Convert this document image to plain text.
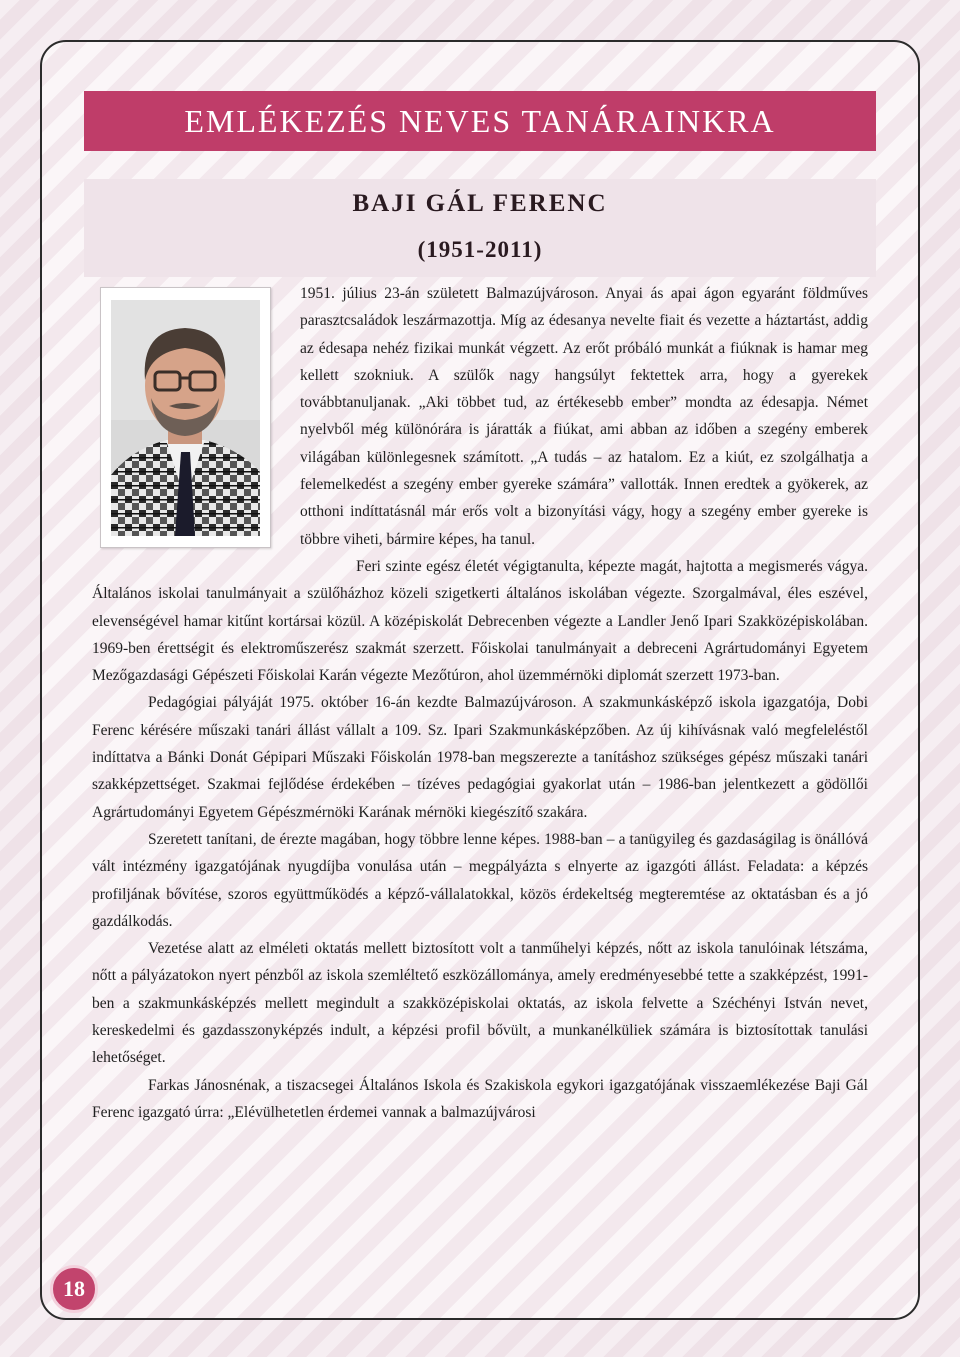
EMLÉKEZÉS NEVES TANÁRAINKRA
BAJI GÁL FERENC
(1951-2011)

1951. július 23-án született Balmazújvároson. Anyai ás apai ágon egyaránt földműves parasztcsaládok leszármazottja. Míg az édesanya nevelte fiait és vezette a háztartást, addig az édesapa nehéz fizikai munkát végzett. Az erőt próbáló munkát a fiúknak is hamar meg kellett szokniuk. A szülők nagy hangsúlyt fektettek arra, hogy a gyerekek továbbtanuljanak. „Aki többet tud, az értékesebb ember” mondta az édesapja. Német nyelvből még különórára is járatták a fiúkat, ami abban az időben a szegény emberek világában különlegesnek számított. „A tudás – az hatalom. Ez a kiút, ez szolgálhatja a felemelkedést a szegény ember gyereke számára” vallották. Innen eredtek a gyökerek, az otthoni indíttatásnál már erős volt a bizonyítási vágy, hogy a szegény ember gyereke is többre viheti, bármire képes, ha tanul.

Feri szinte egész életét végigtanulta, képezte magát, hajtotta a megismerés vágya. Általános iskolai tanulmányait a szülőházhoz közeli szigetkerti általános iskolában végezte. Szorgalmával, éles eszével, elevenségével hamar kitűnt kortársai közül. A középiskolát Debrecenben végezte a Landler Jenő Ipari Szakközépiskolában. 1969-ben érettségit és elektroműszerész szakmát szerzett. Főiskolai tanulmányait a debreceni Agrártudományi Egyetem Mezőgazdasági Gépészeti Főiskolai Karán végezte Mezőtúron, ahol üzemmérnöki diplomát szerzett 1973-ban.

Pedagógiai pályáját 1975. október 16-án kezdte Balmazújvároson. A szakmunkásképző iskola igazgatója, Dobi Ferenc kérésére műszaki tanári állást vállalt a 109. Sz. Ipari Szakmunkásképzőben. Az új kihívásnak való megfeleléstől indíttatva a Bánki Donát Gépipari Műszaki Főiskolán 1978-ban megszerezte a tanításhoz szükséges gépész műszaki tanári szakképzettséget. Szakmai fejlődése érdekében – tízéves pedagógiai gyakorlat után – 1986-ban jelentkezett a gödöllői Agrártudományi Egyetem Gépészmérnöki Karának mérnöki kiegészítő szakára.

Szeretett tanítani, de érezte magában, hogy többre lenne képes. 1988-ban – a tanügyileg és gazdaságilag is önállóvá vált intézmény igazgatójának nyugdíjba vonulása után – megpályázta s elnyerte az igazgóti állást. Feladata: a képzés profiljának bővítése, szoros együttműködés a képző-vállalatokkal, közös érdekeltség megteremtése az oktatásban és a jó gazdálkodás.

Vezetése alatt az elméleti oktatás mellett biztosított volt a tanműhelyi képzés, nőtt az iskola tanulóinak létszáma, nőtt a pályázatokon nyert pénzből az iskola szemléltető eszközállománya, amely eredményesebbé tette a szakképzést, 1991-ben a szakmunkásképzés mellett megindult a szakközépiskolai oktatás, az iskola felvette a Széchényi István nevet, kereskedelmi és gazdasszonyképzés indult, a képzési profil bővült, a munkanélküliek számára is biztosítottak tanulási lehetőséget.

Farkas Jánosnénak, a tiszacsegei Általános Iskola és Szakiskola egykori igazgatójának visszaemlékezése Baji Gál Ferenc igazgató úrra: „Elévülhetetlen érdemei vannak a balmazújvárosi

18
